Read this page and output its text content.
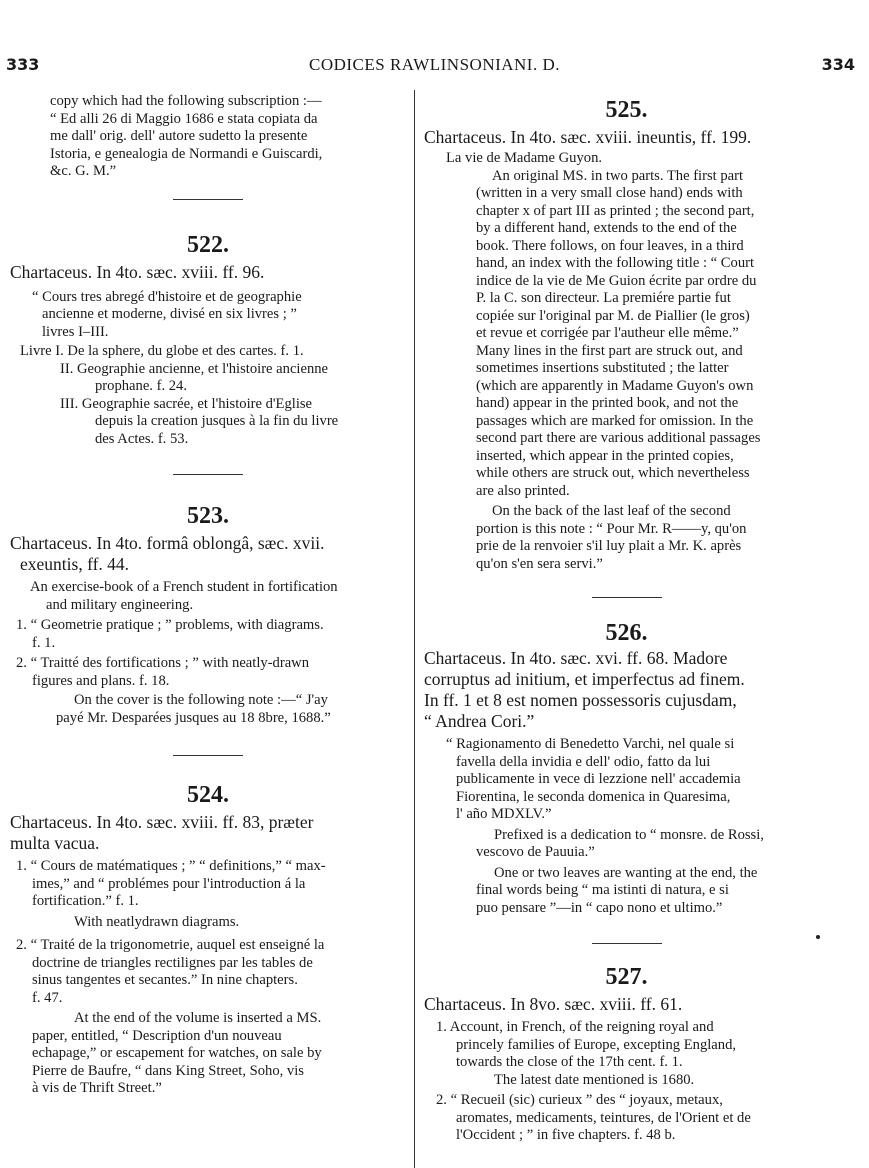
333	CODICES RAWLINSONIANI. D.	334

copy which had the following subscription :—

“ Ed alli 26 di Maggio 1686 e stata copiata da

me dall' orig. dell' autore sudetto la presente

Istoria, e genealogia de Normandi e Guiscardi,

&c. G. M.”

522.

Chartaceus. In 4to. sæc. xviii. ff. 96.

“ Cours tres abregé d'histoire et de geographie

ancienne et moderne, divisé en six livres ; ”

livres I–III.

Livre I. De la sphere, du globe et des cartes. f. 1.

II. Geographie ancienne, et l'histoire ancienne

prophane. f. 24.

III. Geographie sacrée, et l'histoire d'Eglise

depuis la creation jusques à la fin du livre

des Actes. f. 53.

523.

Chartaceus. In 4to. formâ oblongâ, sæc. xvii.

exeuntis, ff. 44.

An exercise-book of a French student in fortification

and military engineering.

1. “ Geometrie pratique ; ” problems, with diagrams.

f. 1.

2. “ Traitté des fortifications ; ” with neatly-drawn

figures and plans. f. 18.

On the cover is the following note :—“ J'ay

payé Mr. Desparées jusques au 18 8bre, 1688.”

524.

Chartaceus. In 4to. sæc. xviii. ff. 83, præter

multa vacua.

1. “ Cours de matématiques ; ” “ definitions,” “ max-

imes,” and “ problémes pour l'introduction á la

fortification.” f. 1.

With neatlydrawn diagrams.

2. “ Traité de la trigonometrie, auquel est enseigné la

doctrine de triangles rectilignes par les tables de

sinus tangentes et secantes.” In nine chapters.

f. 47.

At the end of the volume is inserted a MS.

paper, entitled, “ Description d'un nouveau

echapage,” or escapement for watches, on sale by

Pierre de Baufre, “ dans King Street, Soho, vis

à vis de Thrift Street.”

525.

Chartaceus. In 4to. sæc. xviii. ineuntis, ff. 199.

La vie de Madame Guyon.

An original MS. in two parts. The first part

(written in a very small close hand) ends with

chapter x of part III as printed ; the second part,

by a different hand, extends to the end of the

book. There follows, on four leaves, in a third

hand, an index with the following title : “ Court

indice de la vie de Me Guion écrite par ordre du

P. la C. son directeur. La premiére partie fut

copiée sur l'original par M. de Piallier (le gros)

et revue et corrigée par l'autheur elle même.”

Many lines in the first part are struck out, and

sometimes insertions substituted ; the latter

(which are apparently in Madame Guyon's own

hand) appear in the printed book, and not the

passages which are marked for omission. In the

second part there are various additional passages

inserted, which appear in the printed copies,

while others are struck out, which nevertheless

are also printed.

On the back of the last leaf of the second

portion is this note : “ Pour Mr. R——y, qu'on

prie de la renvoier s'il luy plait a Mr. K. après

qu'on s'en sera servi.”

526.

Chartaceus. In 4to. sæc. xvi. ff. 68. Madore

corruptus ad initium, et imperfectus ad finem.

In ff. 1 et 8 est nomen possessoris cujusdam,

“ Andrea Cori.”

“ Ragionamento di Benedetto Varchi, nel quale si

favella della invidia e dell' odio, fatto da lui

publicamente in vece di lezzione nell' accademia

Fiorentina, le seconda domenica in Quaresima,

l' año MDXLV.”

Prefixed is a dedication to “ monsre. de Rossi,

vescovo de Pauuia.”

One or two leaves are wanting at the end, the

final words being “ ma istinti di natura, e si

puo pensare ”—in “ capo nono et ultimo.”

527.

Chartaceus. In 8vo. sæc. xviii. ff. 61.

1. Account, in French, of the reigning royal and

princely families of Europe, excepting England,

towards the close of the 17th cent. f. 1.

The latest date mentioned is 1680.

2. “ Recueil (sic) curieux ” des “ joyaux, metaux,

aromates, medicaments, teintures, de l'Orient et de

l'Occident ; ” in five chapters. f. 48 b.
